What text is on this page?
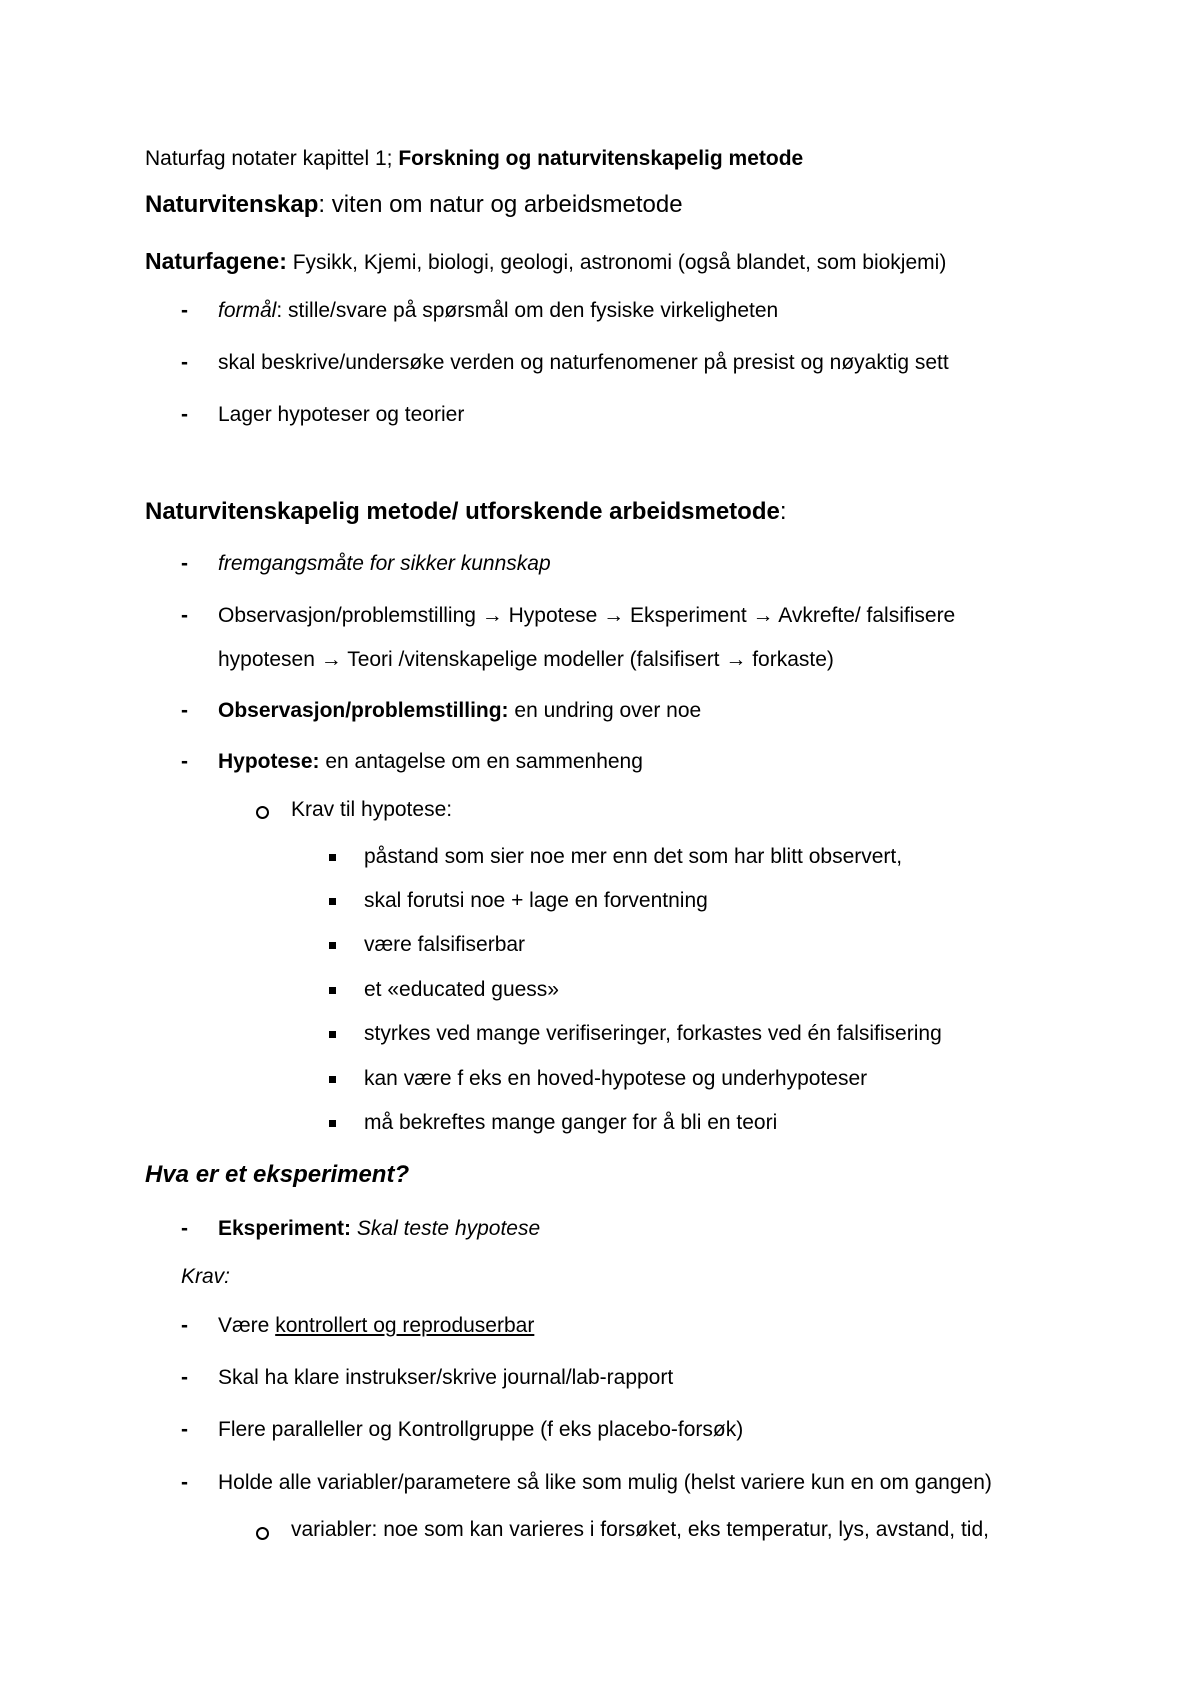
Naturfag notater kapittel 1; Forskning og naturvitenskapelig metode
Naturvitenskap: viten om natur og arbeidsmetode
Naturfagene: Fysikk, Kjemi, biologi, geologi, astronomi (også blandet, som biokjemi)
- formål: stille/svare på spørsmål om den fysiske virkeligheten
- skal beskrive/undersøke verden og naturfenomener på presist og nøyaktig sett
- Lager hypoteser og teorier
Naturvitenskapelig metode/ utforskende arbeidsmetode:
- fremgangsmåte for sikker kunnskap
- Observasjon/problemstilling → Hypotese → Eksperiment → Avkrefte/ falsifisere
hypotesen → Teori /vitenskapelige modeller (falsifisert → forkaste)
- Observasjon/problemstilling: en undring over noe
- Hypotese: en antagelse om en sammenheng
Krav til hypotese:
påstand som sier noe mer enn det som har blitt observert,
skal forutsi noe + lage en forventning
være falsifiserbar
et «educated guess»
styrkes ved mange verifiseringer, forkastes ved én falsifisering
kan være f eks en hoved-hypotese og underhypoteser
må bekreftes mange ganger for å bli en teori
Hva er et eksperiment?
- Eksperiment: Skal teste hypotese
Krav:
- Være kontrollert og reproduserbar
- Skal ha klare instrukser/skrive journal/lab-rapport
- Flere paralleller og Kontrollgruppe (f eks placebo-forsøk)
- Holde alle variabler/parametere så like som mulig (helst variere kun en om gangen)
variabler: noe som kan varieres i forsøket, eks temperatur, lys, avstand, tid,
